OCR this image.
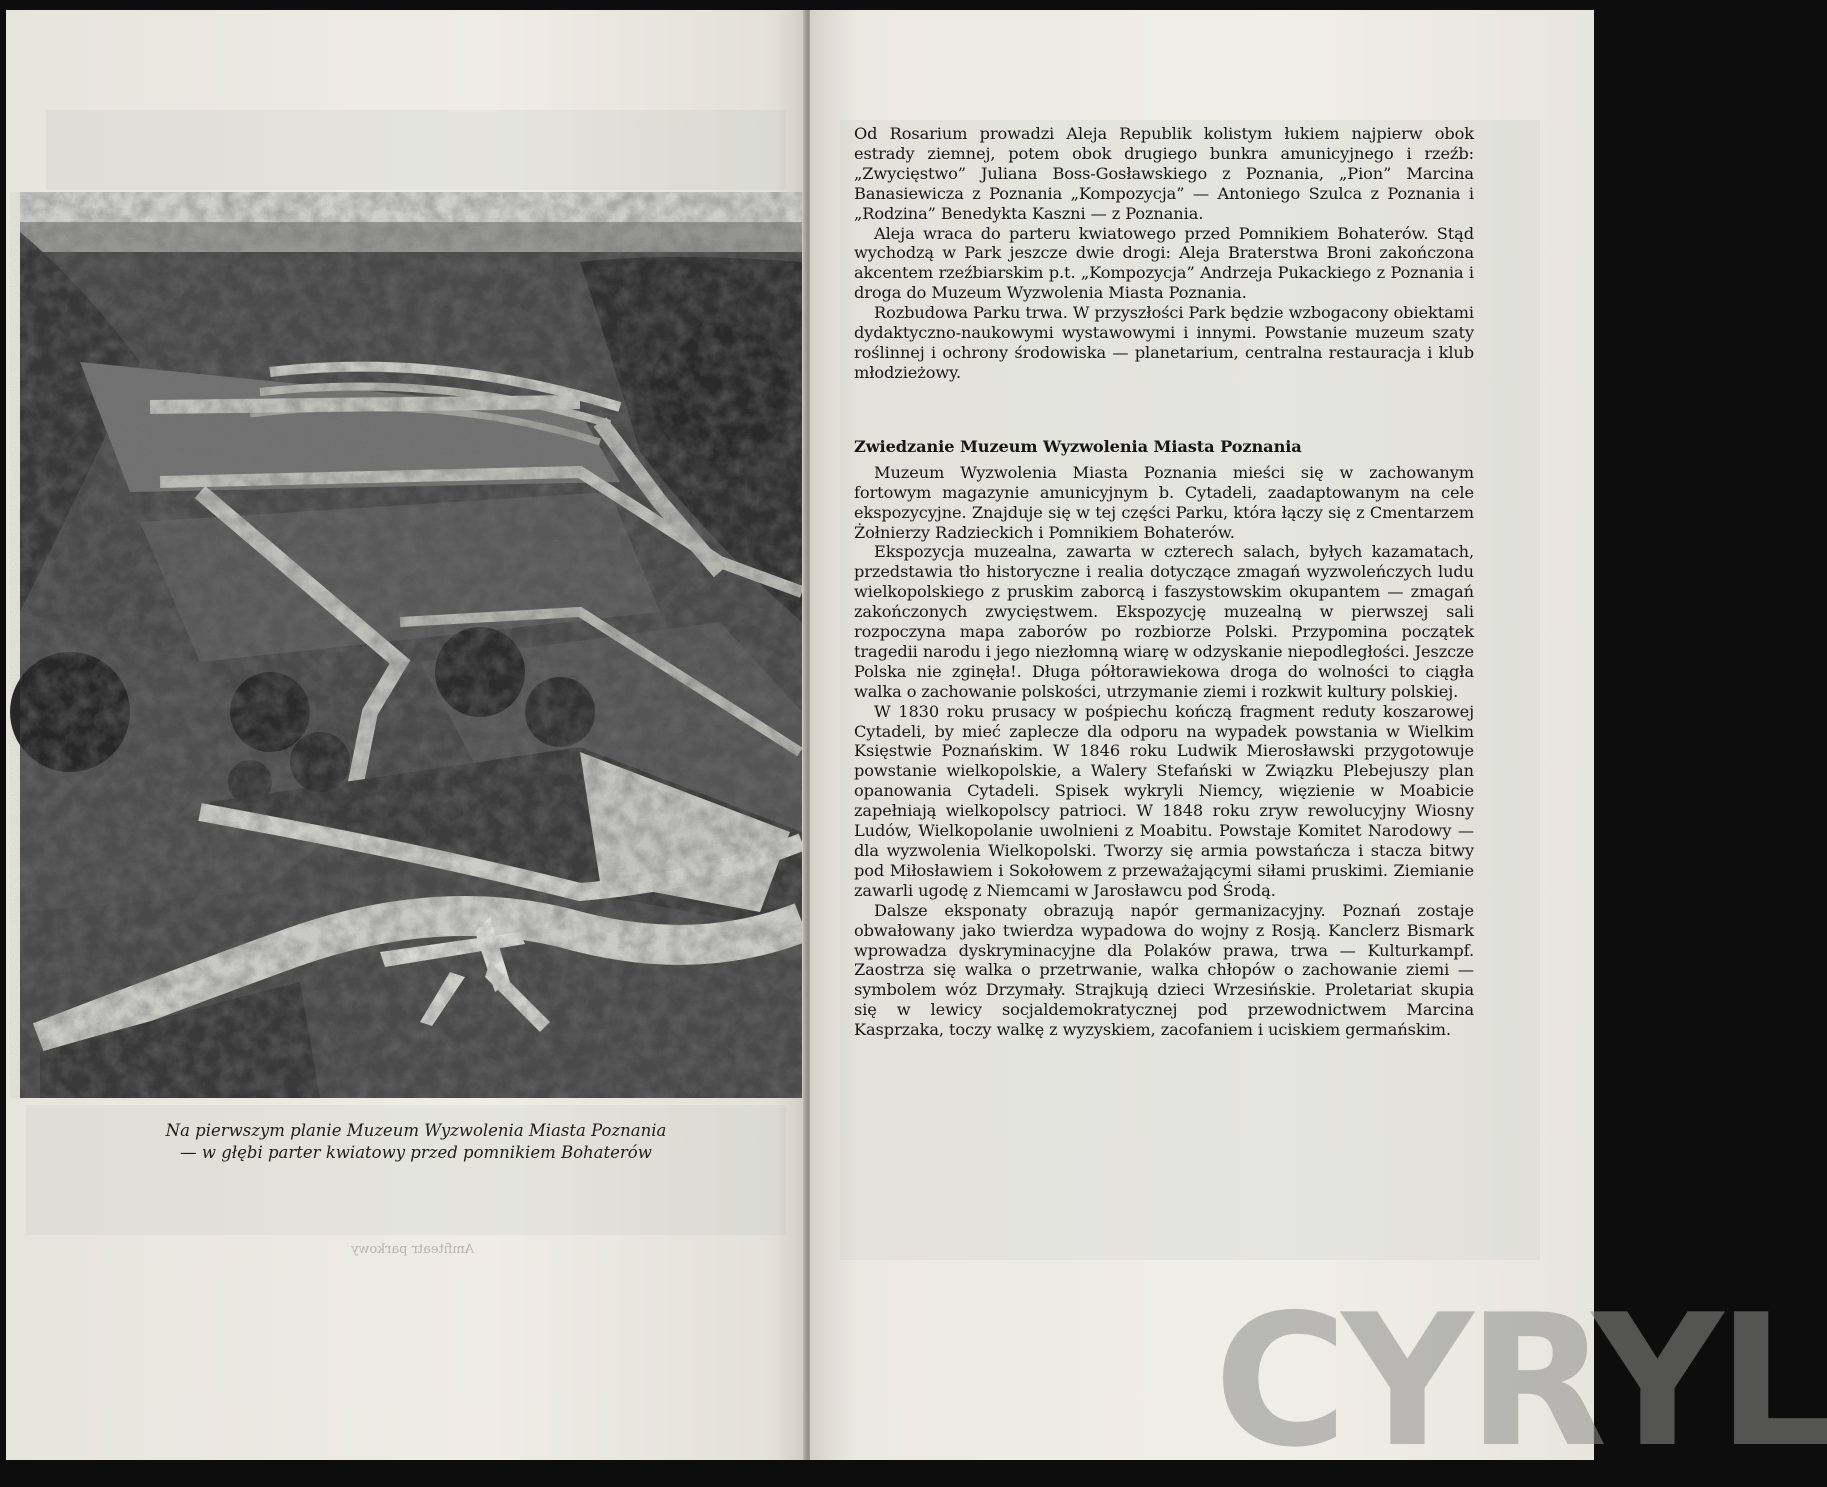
Amfiteatr parkowy
Na pierwszym planie Muzeum Wyzwolenia Miasta Poznania
— w głębi parter kwiatowy przed pomnikiem Bohaterów

Od Rosarium prowadzi Aleja Republik kolistym łukiem najpierw obok estrady ziemnej, potem obok drugiego bunkra amunicyjnego i rzeźb: „Zwycięstwo” Juliana Boss-Gosławskiego z Poznania, „Pion” Marcina Banasiewicza z Poznania „Kompozycja” — Antoniego Szulca z Poznania i „Rodzina” Benedykta Kaszni — z Poznania.

Aleja wraca do parteru kwiatowego przed Pomnikiem Bohaterów. Stąd wychodzą w Park jeszcze dwie drogi: Aleja Braterstwa Broni zakończona akcentem rzeźbiarskim p.t. „Kompozycja” Andrzeja Pukackiego z Poznania i droga do Muzeum Wyzwolenia Miasta Poznania.

Rozbudowa Parku trwa. W przyszłości Park będzie wzbogacony obiektami dydaktyczno-naukowymi wystawowymi i innymi. Powstanie muzeum szaty roślinnej i ochrony środowiska — planetarium, centralna restauracja i klub młodzieżowy.

Zwiedzanie Muzeum Wyzwolenia Miasta Poznania

Muzeum Wyzwolenia Miasta Poznania mieści się w zachowanym fortowym magazynie amunicyjnym b. Cytadeli, zaadaptowanym na cele ekspozycyjne. Znajduje się w tej części Parku, która łączy się z Cmentarzem Żołnierzy Radzieckich i Pomnikiem Bohaterów.

Ekspozycja muzealna, zawarta w czterech salach, byłych kazamatach, przedstawia tło historyczne i realia dotyczące zmagań wyzwoleńczych ludu wielkopolskiego z pruskim zaborcą i faszystowskim okupantem — zmagań zakończonych zwycięstwem. Ekspozycję muzealną w pierwszej sali rozpoczyna mapa zaborów po rozbiorze Polski. Przypomina początek tragedii narodu i jego niezłomną wiarę w odzyskanie niepodległości. Jeszcze Polska nie zginęła!. Długa półtorawiekowa droga do wolności to ciągła walka o zachowanie polskości, utrzymanie ziemi i rozkwit kultury polskiej.

W 1830 roku prusacy w pośpiechu kończą fragment reduty koszarowej Cytadeli, by mieć zaplecze dla odporu na wypadek powstania w Wielkim Księstwie Poznańskim. W 1846 roku Ludwik Mierosławski przygotowuje powstanie wielkopolskie, a Walery Stefański w Związku Plebejuszy plan opanowania Cytadeli. Spisek wykryli Niemcy, więzienie w Moabicie zapełniają wielkopolscy patrioci. W 1848 roku zryw rewolucyjny Wiosny Ludów, Wielkopolanie uwolnieni z Moabitu. Powstaje Komitet Narodowy — dla wyzwolenia Wielkopolski. Tworzy się armia powstańcza i stacza bitwy pod Miłosławiem i Sokołowem z przeważającymi siłami pruskimi. Ziemianie zawarli ugodę z Niemcami w Jarosławcu pod Środą.

Dalsze eksponaty obrazują napór germanizacyjny. Poznań zostaje obwałowany jako twierdza wypadowa do wojny z Rosją. Kanclerz Bismark wprowadza dyskryminacyjne dla Polaków prawa, trwa — Kulturkampf. Zaostrza się walka o przetrwanie, walka chłopów o zachowanie ziemi — symbolem wóz Drzymały. Strajkują dzieci Wrzesińskie. Proletariat skupia się w lewicy socjaldemokratycznej pod przewodnictwem Marcina Kasprzaka, toczy walkę z wyzyskiem, zacofaniem i uciskiem germańskim.

CYRYL
